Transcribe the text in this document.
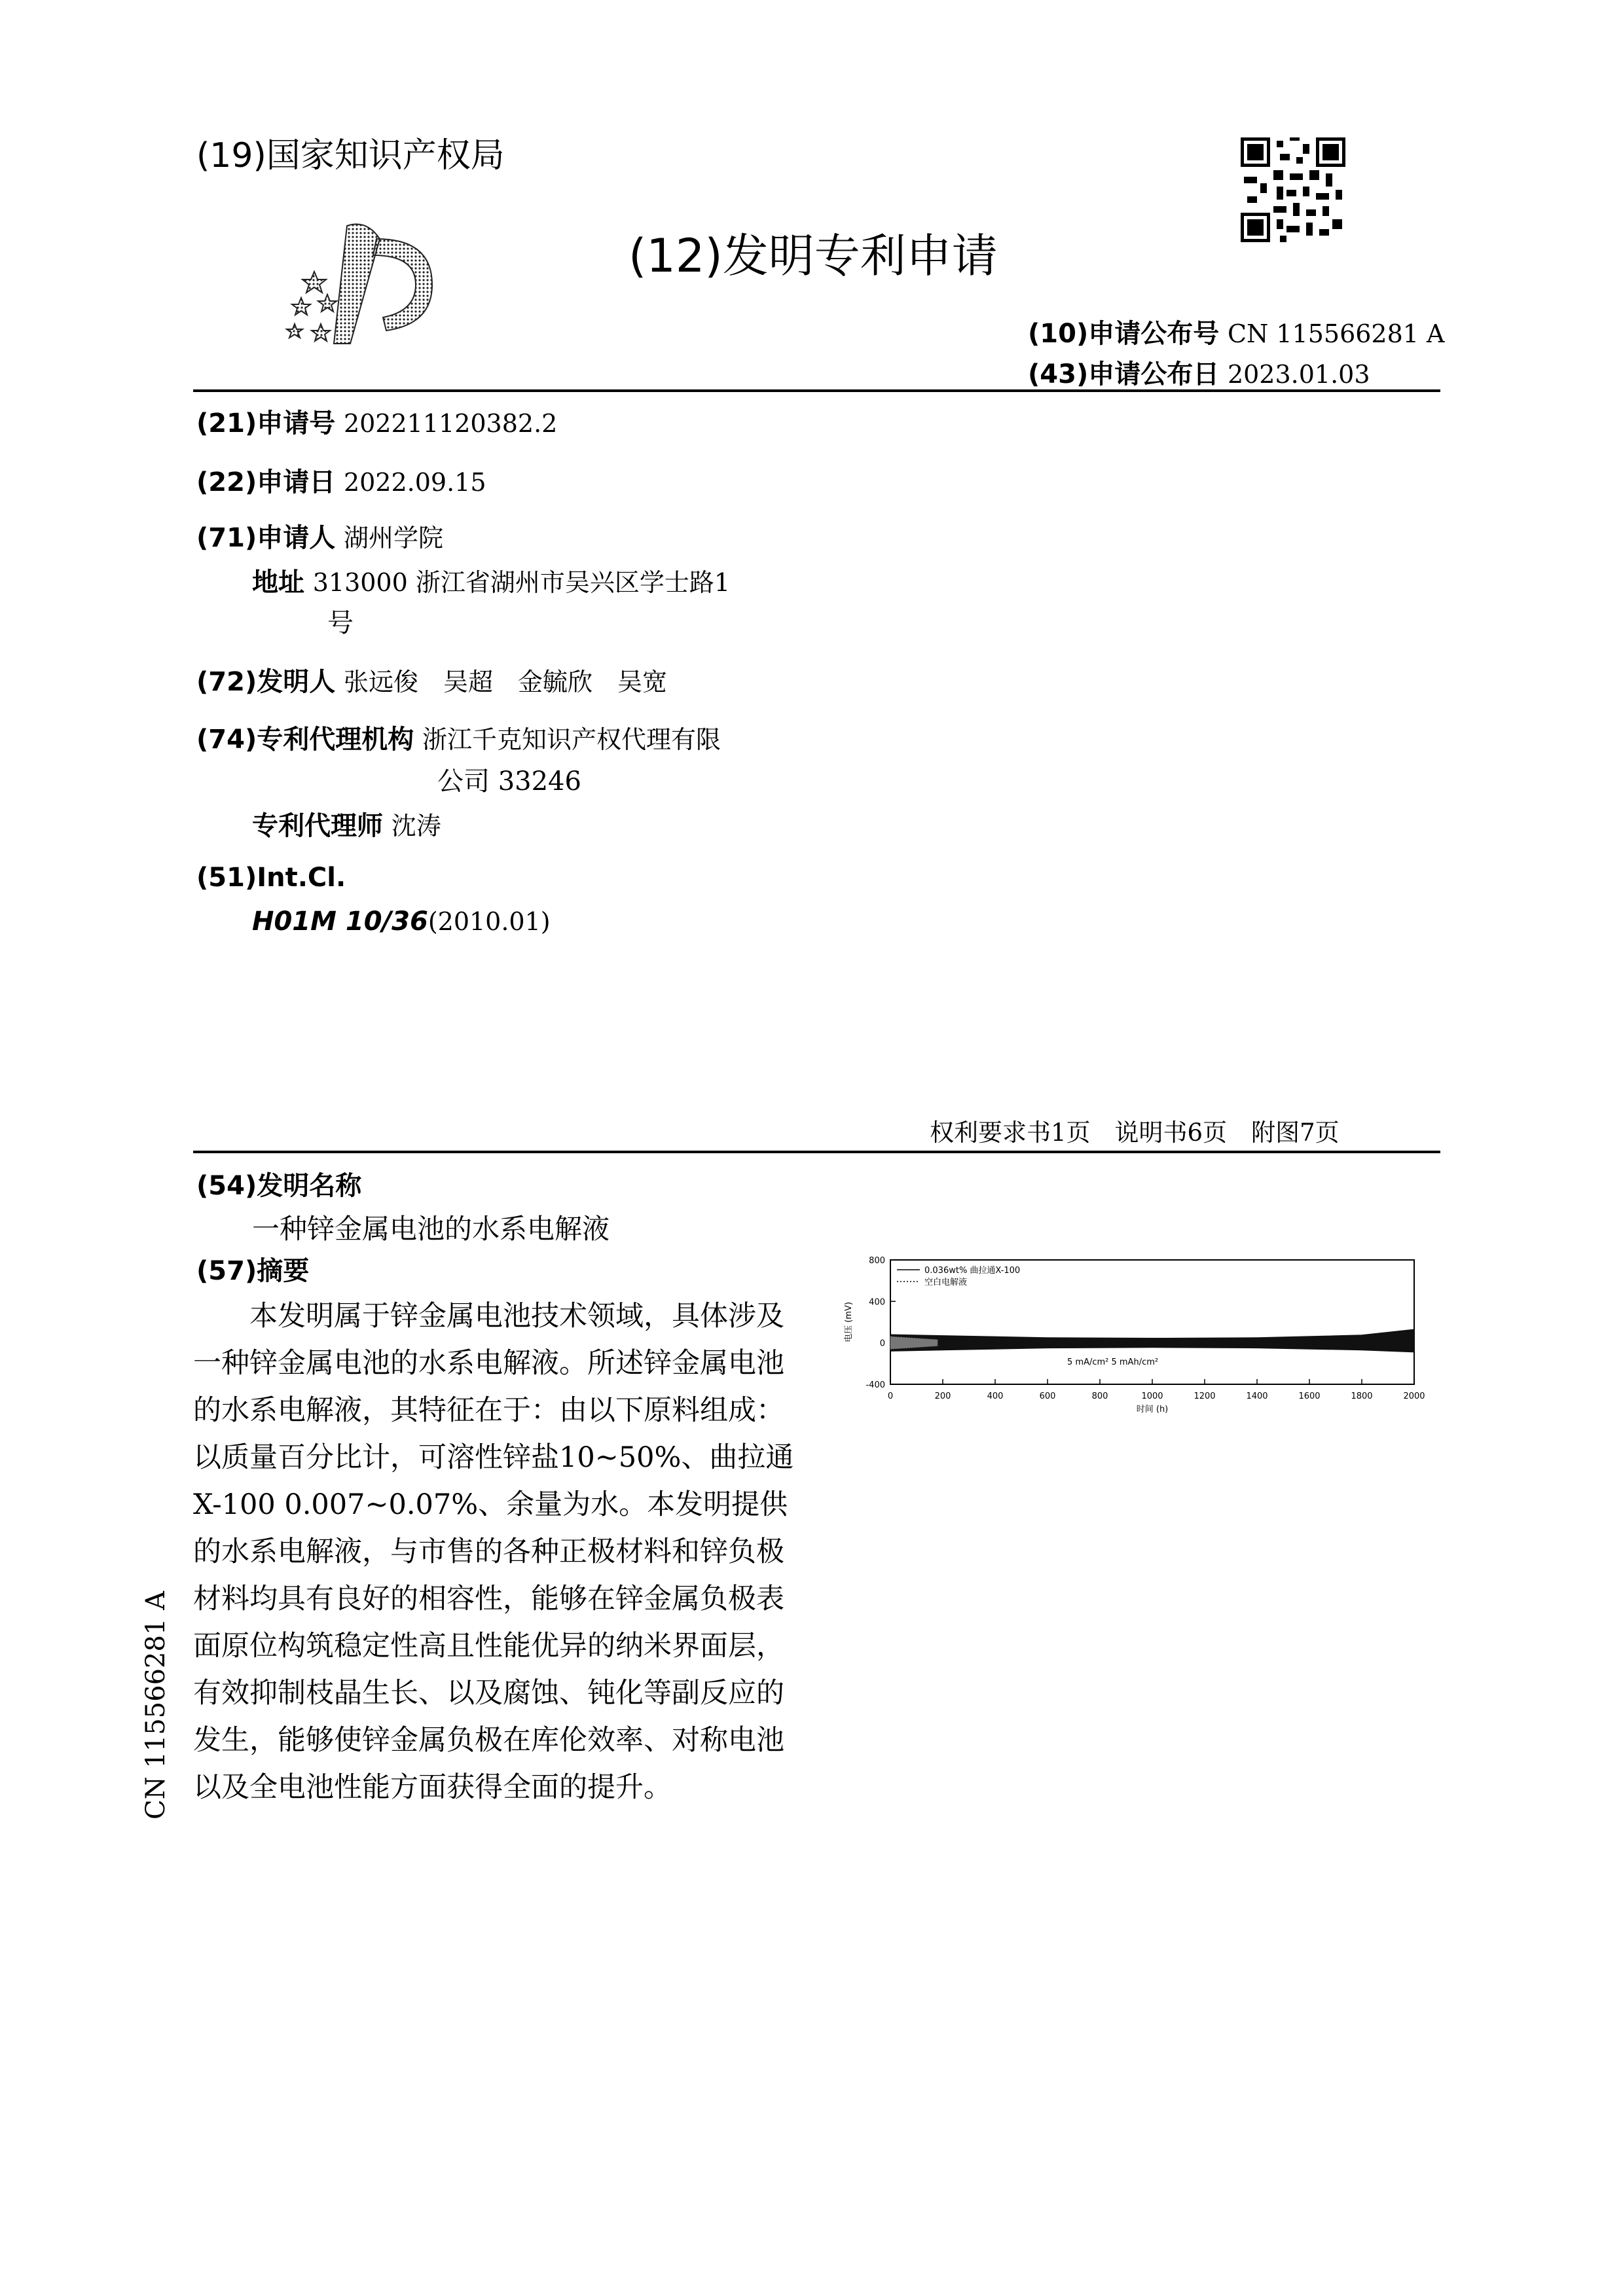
(19)国家知识产权局
(12)发明专利申请
(10)申请公布号 CN 115566281 A
(43)申请公布日 2023.01.03
(21)申请号 202211120382.2
(22)申请日 2022.09.15
(71)申请人 湖州学院
地址 313000 浙江省湖州市吴兴区学士路1
号
(72)发明人 张远俊　吴超　金毓欣　吴宽
(74)专利代理机构 浙江千克知识产权代理有限
公司 33246
专利代理师 沈涛
(51)Int.Cl.
H01M 10/36(2010.01)
权利要求书1页　说明书6页　附图7页
(54)发明名称
一种锌金属电池的水系电解液
(57)摘要

本发明属于锌金属电池技术领域，具体涉及一种锌金属电池的水系电解液。所述锌金属电池的水系电解液，其特征在于：由以下原料组成：以质量百分比计，可溶性锌盐10~50%、曲拉通X-100 0.007~0.07%、余量为水。本发明提供的水系电解液，与市售的各种正极材料和锌负极材料均具有良好的相容性，能够在锌金属负极表面原位构筑稳定性高且性能优异的纳米界面层，有效抑制枝晶生长、以及腐蚀、钝化等副反应的发生，能够使锌金属负极在库伦效率、对称电池以及全电池性能方面获得全面的提升。

800
400
0
-400
0	200	400	600	800	1000	1200	1400	1600	1800	2000
0.036wt% 曲拉通X-100
空白电解液
5 mA/cm² 5 mAh/cm²
时间 (h)
电压 (mV)
CN 115566281 A
